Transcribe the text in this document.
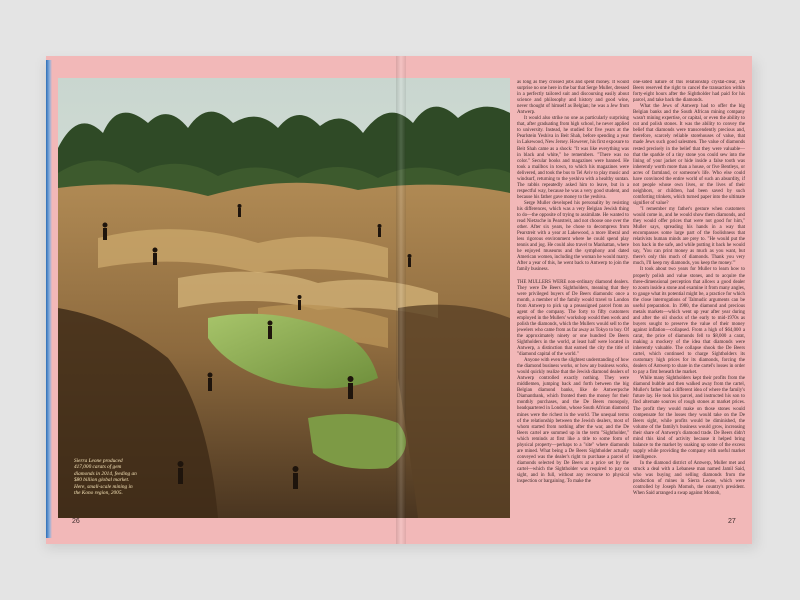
Sierra Leone produced 417,000 carats of gem diamonds in 2014, feeding an $80 billion global market. Here, small-scale mining in the Kono region, 2005.

as long as they crossed jobs and spent money. It would surprise no one here in the bar that Serge Muller, dressed in a perfectly tailored suit and discoursing easily about science and philosophy and history and good wine, never thought of himself as Belgian; he was a Jew from Antwerp.

It would also strike no one as particularly surprising that, after graduating from high school, he never applied to university. Instead, he studied for five years at the Pearlstein Yeshiva in Beit Shah, before spending a year in Lakewood, New Jersey. However, his first exposure to Beit Shah came as a shock: "It was like everything was in black and white," he remembers. "There was no color." Secular books and magazines were banned. He took a mailbox in town, to which his magazines were delivered, and took the bus to Tel Aviv to play music and windsurf, returning to the yeshiva with a healthy suntan. The rabbis repeatedly asked him to leave, but in a respectful way, because he was a very good student, and because his father gave money to the yeshiva.

Serge Muller developed his personality by resisting his differences, which was a very Belgian Jewish thing to do—the opposite of trying to assimilate. He wanted to read Nietzsche in Pearstreit, and not choose one over the other. After six years, he chose to decompress from Pearstreit with a year at Lakewood, a more liberal and less rigorous environment where he could spend play tennis and jog. He could also travel to Manhattan, where he enjoyed museums and the symphony and dated American women, including the woman he would marry. After a year of this, he went back to Antwerp to join the family business.

THE MULLERS WERE non-ordinary diamond dealers. They were De Beers Sightholders, meaning that they were privileged buyers of De Beers diamonds: once a month, a member of the family would travel to London from Antwerp to pick up a preassigned parcel from an agent of the company. The forty to fifty customers employed in the Mullers' workshop would then work and polish the diamonds, which the Mullers would sell to the jewelers who came from as far away as Tokyo to buy. Of the approximately ninety or one hundred De Beers Sightholders in the world, at least half were located in Antwerp, a distinction that earned the city the title of "diamond capital of the world."

Anyone with even the slightest understanding of how the diamond business works, or how any business works, would quickly realize that the Jewish diamond dealers of Antwerp controlled exactly nothing. They were middlemen, jumping back and forth between the big Belgian diamond banks, like de Antwerpsche Diamantbank, which fronted them the money for their monthly purchases, and the De Beers monopoly, headquartered in London, whose South African diamond mines were the richest in the world. The unequal terms of the relationship between the Jewish dealers, most of whom started from nothing after the war, and the De Beers cartel are summed up in the term "Sightholder," which reminds at first like a title to some form of physical property—perhaps to a "site" where diamonds are mined. What being a De Beers Sightholder actually conveyed was the dealer's right to purchase a parcel of diamonds selected by De Beers at a price set by the cartel—which the Sightholder was required to pay on sight, and in full, without any recourse to physical inspection or bargaining. To make the

one-sided nature of this relationship crystal-clear, De Beers reserved the right to cancel the transaction within forty-eight hours after the Sightholder had paid for his parcel, and take back the diamonds.

What the Jews of Antwerp had to offer the big Belgian banks and the South African mining company wasn't mining expertise, or capital, or even the ability to cut and polish stones. It was the ability to convey the belief that diamonds were transcendently precious and, therefore, scarcely reliable storehouses of value, that made Jews such good salesmen. The value of diamonds rested precisely in the belief that they were valuable—that the sparkle of a tiny stone you could sew into the lining of your jacket or hide inside a false tooth was inherently worth more than a house, or five Bentleys, or acres of farmland, or someone's life. Who else could have convinced the entire world of such an absurdity, if not people whose own lives, or the lives of their neighbors, or children, had been saved by such comforting trinkets, which turned paper into the ultimate signifier of value?

"I remember my father's gesture when customers would come in, and he would show them diamonds, and they would offer prices that were not good for him," Muller says, spreading his hands in a way that encompasses some large part of the foolishness that relativists human minds are prey to. "He would put the box back in the safe, and while putting it back he would say, 'You can print money as much as you want, but there's only this much of diamonds. Thank you very much, I'll keep my diamonds, you keep the money.'"

It took about two years for Muller to learn how to properly polish and value stones, and to acquire the three-dimensional perception that allows a good dealer to zoom inside a stone and examine it from many angles, to gauge what its potential might be, a practice for which the close interrogations of Talmudic arguments can be useful preparation. In 1980, the diamond and precious metals markets—which went up year after year during and after the oil shocks of the early to mid-1970s as buyers sought to preserve the value of their money against inflation—collapsed. From a high of $64,000 a carat, the price of diamonds fell to $8,000 a carat, making a mockery of the idea that diamonds were inherently valuable. The collapse shook the De Beers cartel, which continued to charge Sightholders its customary high prices for its diamonds, forcing the dealers of Antwerp to share in the cartel's losses in order to pay a first beneath the market.

While many Sightholders kept their profits from the diamond bubble and then walked away from the cartel, Muller's father had a different idea of where the family's future lay. He took his parcel, and instructed his son to find alternate sources of rough stones at market prices. The profit they would make on those stones would compensate for the losses they would take on the De Beers sight, while profits would be diminished, the volume of the family's business would grow, increasing their share of Antwerp's diamond trade. De Beers didn't mind this kind of activity because it helped bring balance to the market by soaking up some of the excess supply while providing the company with useful market intelligence.

In the diamond district of Antwerp, Muller met and struck a deal with a Lebanese man named Jamil Said, who was buying and selling diamonds from the production of mines in Sierra Leone, which were controlled by Joseph Momoh, the country's president. When Said arranged a swap against Momoh,

26	27
